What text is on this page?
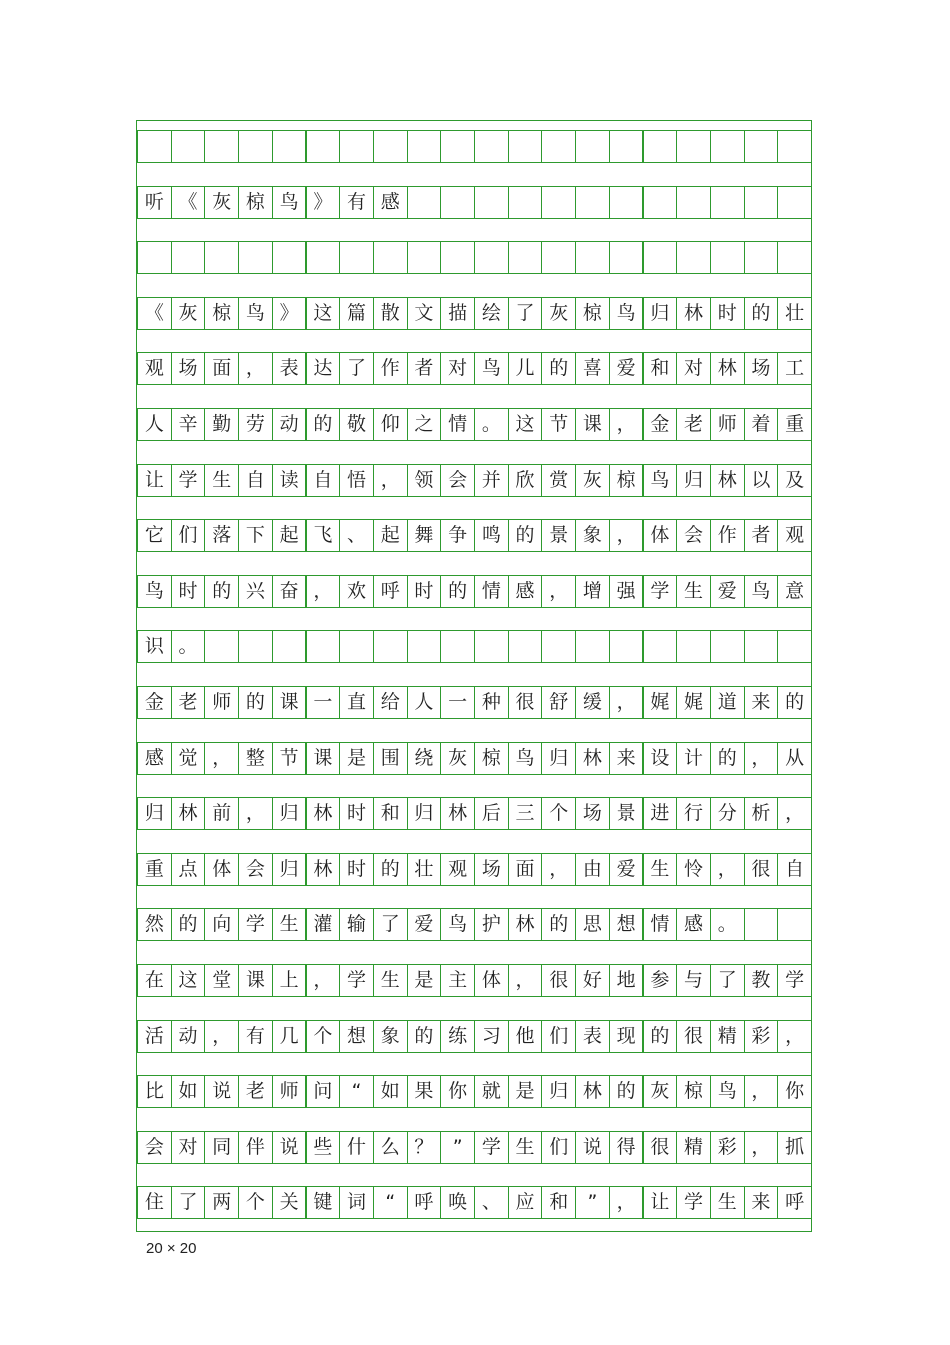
听 《 灰 椋 鸟 》 有 感
《 灰 椋 鸟 》 这 篇 散 文 描 绘 了 灰 椋 鸟 归 林 时 的 壮
观 场 面 ， 表 达 了 作 者 对 鸟 儿 的 喜 爱 和 对 林 场 工
人 辛 勤 劳 动 的 敬 仰 之 情 。 这 节 课 ， 金 老 师 着 重
让 学 生 自 读 自 悟 ， 领 会 并 欣 赏 灰 椋 鸟 归 林 以 及
它 们 落 下 起 飞 、 起 舞 争 鸣 的 景 象 ， 体 会 作 者 观
鸟 时 的 兴 奋 ， 欢 呼 时 的 情 感 ， 增 强 学 生 爱 鸟 意
识 。
金 老 师 的 课 一 直 给 人 一 种 很 舒 缓 ， 娓 娓 道 来 的
感 觉 ， 整 节 课 是 围 绕 灰 椋 鸟 归 林 来 设 计 的 ， 从
归 林 前 ， 归 林 时 和 归 林 后 三 个 场 景 进 行 分 析 ，
重 点 体 会 归 林 时 的 壮 观 场 面 ， 由 爱 生 怜 ， 很 自
然 的 向 学 生 灌 输 了 爱 鸟 护 林 的 思 想 情 感 。
在 这 堂 课 上 ， 学 生 是 主 体 ， 很 好 地 参 与 了 教 学
活 动 ， 有 几 个 想 象 的 练 习 他 们 表 现 的 很 精 彩 ，
比 如 说 老 师 问	“	如 果 你 就 是 归 林 的 灰 椋 鸟 ， 你
会 对 同 伴 说 些 什 么 ？	”	学 生 们 说 得 很 精 彩 ， 抓
住 了 两 个 关 键 词	“	呼 唤 、 应 和	”	， 让 学 生 来 呼
20 × 20
